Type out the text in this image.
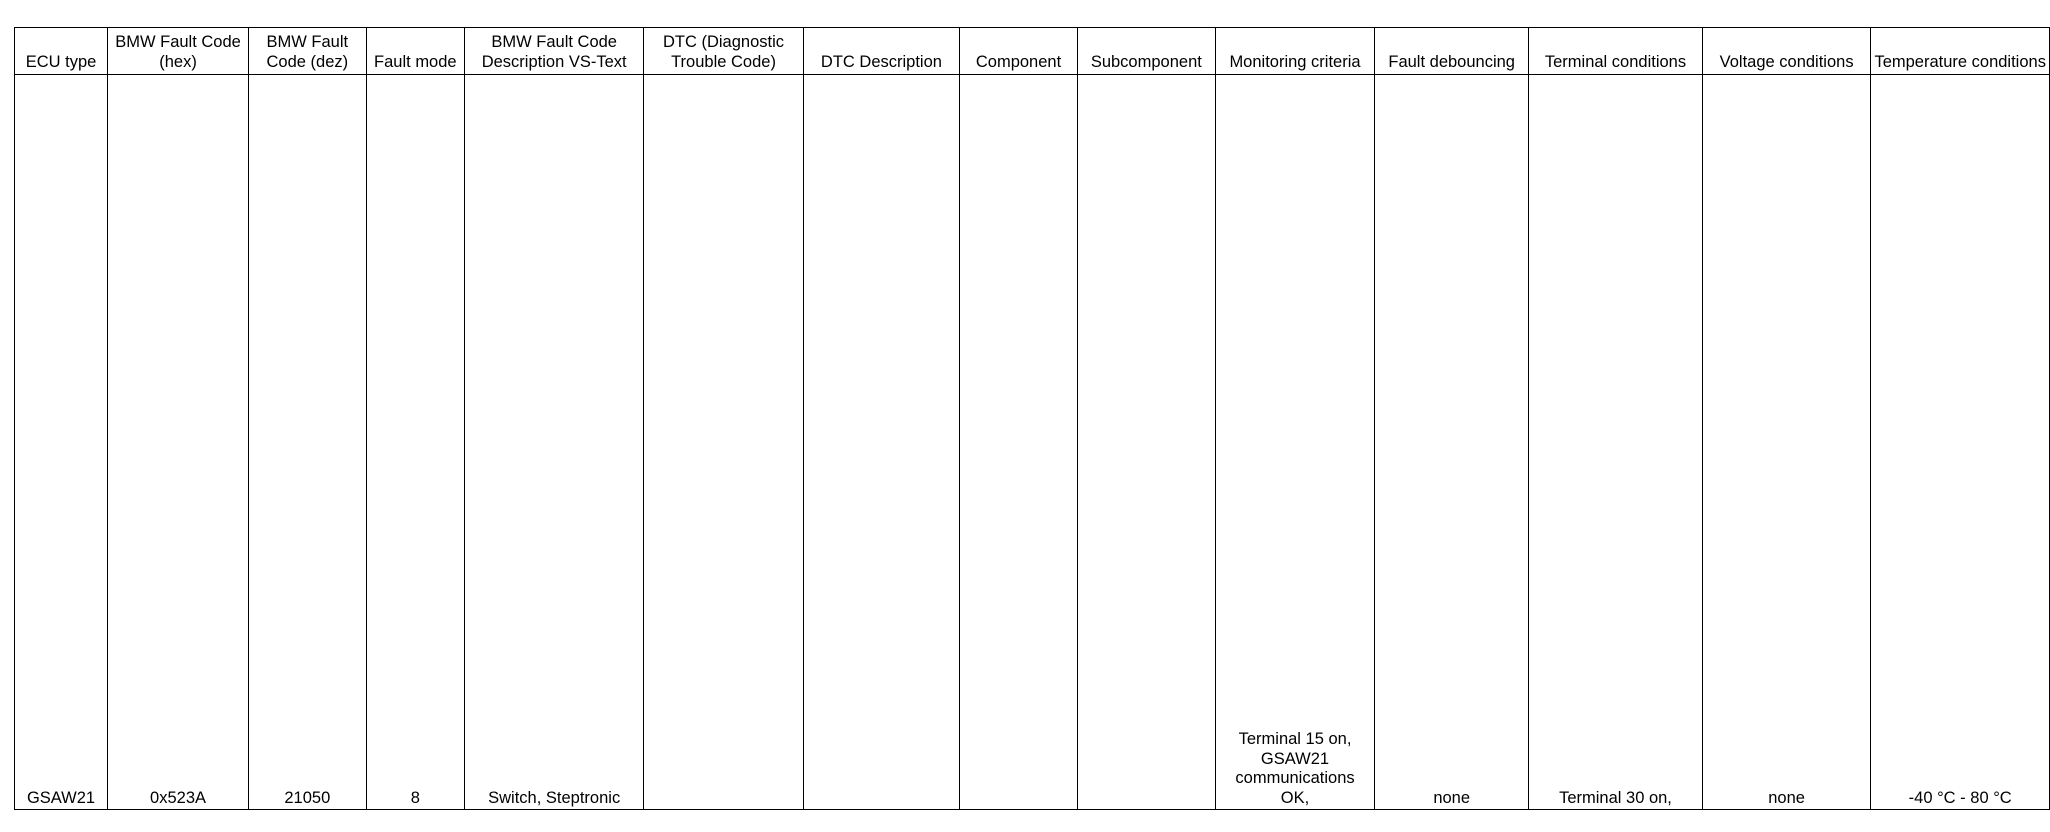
ECU type	BMW Fault Code (hex)	BMW Fault Code (dez)	Fault mode	BMW Fault Code Description VS-Text	DTC (Diagnostic Trouble Code)	DTC Description	Component	Subcomponent	Monitoring criteria	Fault debouncing	Terminal conditions	Voltage conditions	Temperature conditions
GSAW21	0x523A	21050	8	Switch, Steptronic					Terminal 15 on, GSAW21 communications OK,	none	Terminal 30 on,	none	-40 °C - 80 °C
